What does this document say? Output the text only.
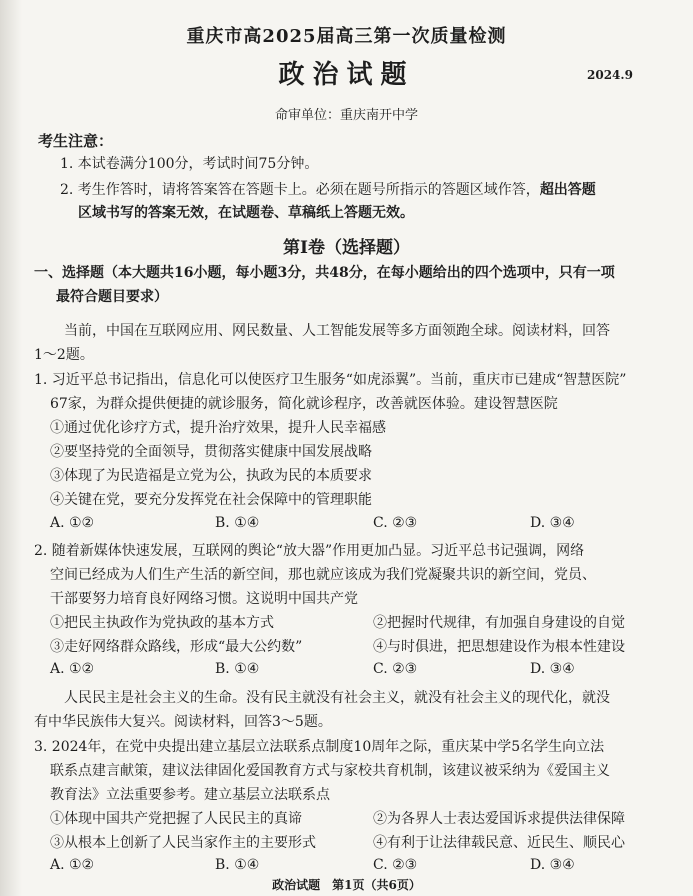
重庆市高2025届高三第一次质量检测
政治试题	2024.9
命审单位：重庆南开中学
考生注意：
1. 本试卷满分100分，考试时间75分钟。
2. 考生作答时，请将答案答在答题卡上。必须在题号所指示的答题区域作答，超出答题
区域书写的答案无效，在试题卷、草稿纸上答题无效。
第Ⅰ卷（选择题）
一、选择题（本大题共16小题，每小题3分，共48分，在每小题给出的四个选项中，只有一项
最符合题目要求）
当前，中国在互联网应用、网民数量、人工智能发展等多方面领跑全球。阅读材料，回答
1～2题。
1. 习近平总书记指出，信息化可以使医疗卫生服务“如虎添翼”。当前，重庆市已建成“智慧医院”
67家，为群众提供便捷的就诊服务，简化就诊程序，改善就医体验。建设智慧医院
①通过优化诊疗方式，提升治疗效果，提升人民幸福感
②要坚持党的全面领导，贯彻落实健康中国发展战略
③体现了为民造福是立党为公，执政为民的本质要求
④关键在党，要充分发挥党在社会保障中的管理职能
A. ①②	B. ①④	C. ②③	D. ③④
2. 随着新媒体快速发展，互联网的舆论“放大器”作用更加凸显。习近平总书记强调，网络
空间已经成为人们生产生活的新空间，那也就应该成为我们党凝聚共识的新空间，党员、
干部要努力培育良好网络习惯。这说明中国共产党
①把民主执政作为党执政的基本方式	②把握时代规律，有加强自身建设的自觉
③走好网络群众路线，形成“最大公约数”	④与时俱进，把思想建设作为根本性建设
A. ①②	B. ①④	C. ②③	D. ③④
人民民主是社会主义的生命。没有民主就没有社会主义，就没有社会主义的现代化，就没
有中华民族伟大复兴。阅读材料，回答3～5题。
3. 2024年，在党中央提出建立基层立法联系点制度10周年之际，重庆某中学5名学生向立法
联系点建言献策，建议法律固化爱国教育方式与家校共育机制，该建议被采纳为《爱国主义
教育法》立法重要参考。建立基层立法联系点
①体现中国共产党把握了人民民主的真谛	②为各界人士表达爱国诉求提供法律保障
③从根本上创新了人民当家作主的主要形式	④有利于让法律载民意、近民生、顺民心
A. ①②	B. ①④	C. ②③	D. ③④
政治试题　第1页（共6页）
